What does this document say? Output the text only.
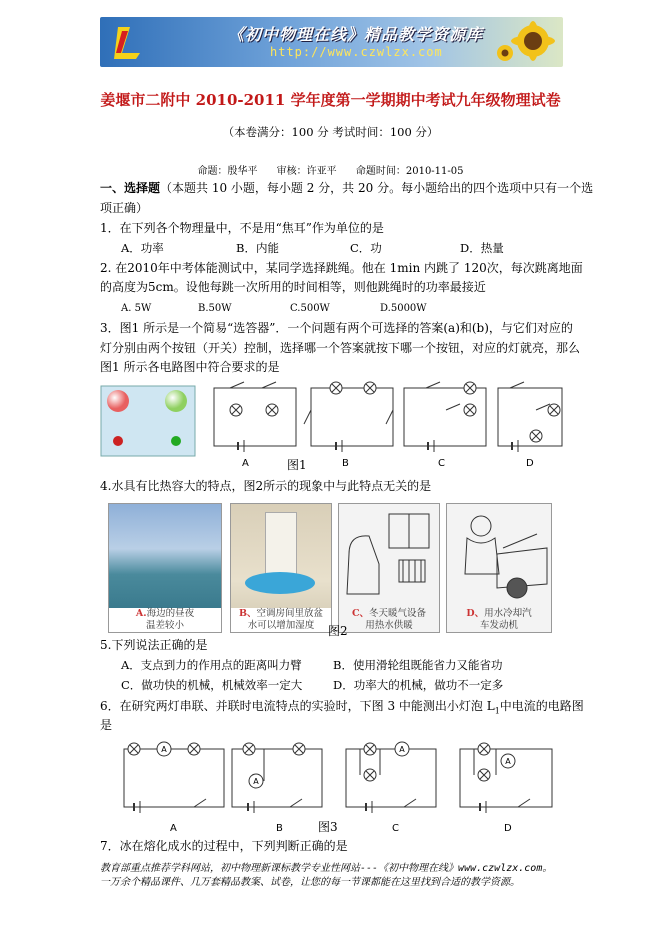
《初中物理在线》精品教学资源库
http://www.czwlzx.com
姜堰市二附中 2010-2011 学年度第一学期期中考试九年级物理试卷
（本卷满分：100 分 考试时间：100 分）
命题：殷华平 审核：许亚平 命题时间：2010-11-05
一、选择题（本题共 10 小题，每小题 2 分，共 20 分。每小题给出的四个选项中只有一个选
项正确）
1．在下列各个物理量中，不是用“焦耳”作为单位的是
A．功率	B．内能	C．功	D．热量
2. 在2010年中考体能测试中，某同学选择跳绳。他在 1min 内跳了 120次，每次跳离地面
的高度为5cm。设他每跳一次所用的时间相等，则他跳绳时的功率最接近
A. 5W	B.50W	C.500W	D.5000W
3．图1 所示是一个简易“选答器”．一个问题有两个可选择的答案(a)和(b)，与它们对应的
灯分别由两个按钮（开关）控制，选择哪一个答案就按下哪一个按钮，对应的灯就亮，那么
图1 所示各电路图中符合要求的是
A	B	C	D
图1
4.水具有比热容大的特点，图2所示的现象中与此特点无关的是
A.海边的昼夜
温差较小
B、空调房间里放盆
水可以增加湿度
C、冬天暖气设备
用热水供暖
D、用水冷却汽
车发动机
图2
5.下列说法正确的是
A．支点到力的作用点的距离叫力臂	B．使用滑轮组既能省力又能省功
C．做功快的机械，机械效率一定大	D．功率大的机械，做功不一定多
6．在研究两灯串联、并联时电流特点的实验时，下图 3 中能测出小灯泡 $L_1$中电流的电路图
是
A
A
A
A
A	B	C	D
图3
7．冰在熔化成水的过程中，下列判断正确的是
教育部重点推荐学科网站，初中物理新课标教学专业性网站---《初中物理在线》www.czwlzx.com。一万余个精品课件、几万套精品教案、试卷，让您的每一节课都能在这里找到合适的教学资源。
